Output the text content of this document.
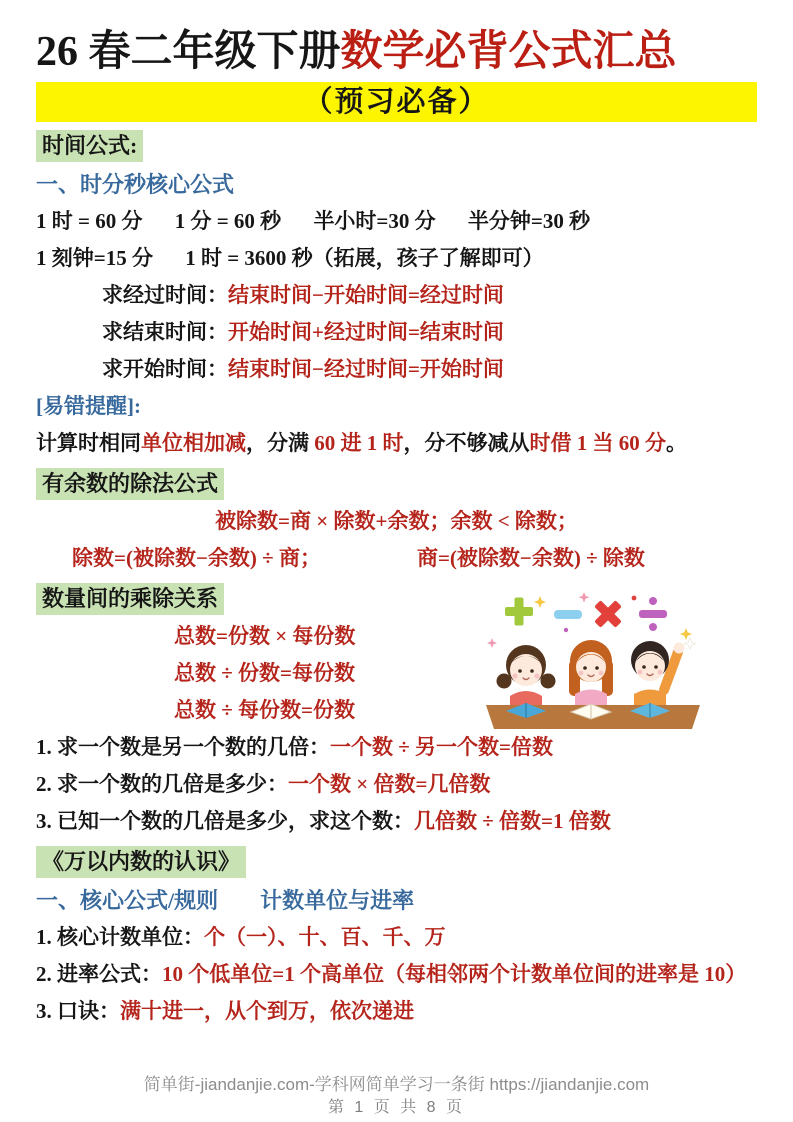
26 春二年级下册数学必背公式汇总
（预习必备）
时间公式:
一、时分秒核心公式
1 时 = 60 分 1 分 = 60 秒 半小时=30 分 半分钟=30 秒
1 刻钟=15 分 1 时 = 3600 秒（拓展，孩子了解即可）
求经过时间：结束时间−开始时间=经过时间
求结束时间：开始时间+经过时间=结束时间
求开始时间：结束时间−经过时间=开始时间
[易错提醒]:
计算时相同单位相加减，分满 60 进 1 时，分不够减从时借 1 当 60 分。
有余数的除法公式
被除数=商 × 除数+余数；余数 < 除数；
除数=(被除数−余数) ÷ 商；	商=(被除数−余数) ÷ 除数
数量间的乘除关系
总数=份数 × 每份数
总数 ÷ 份数=每份数
总数 ÷ 每份数=份数
1. 求一个数是另一个数的几倍：一个数 ÷ 另一个数=倍数
2. 求一个数的几倍是多少：一个数 × 倍数=几倍数
3. 已知一个数的几倍是多少，求这个数：几倍数 ÷ 倍数=1 倍数
《万以内数的认识》
一、核心公式/规则 计数单位与进率
1. 核心计数单位：个（一）、十、百、千、万
2. 进率公式：10 个低单位=1 个高单位（每相邻两个计数单位间的进率是 10）
3. 口诀：满十进一，从个到万，依次递进
简单街-jiandanjie.com-学科网简单学习一条街 https://jiandanjie.com
第 1 页 共 8 页
